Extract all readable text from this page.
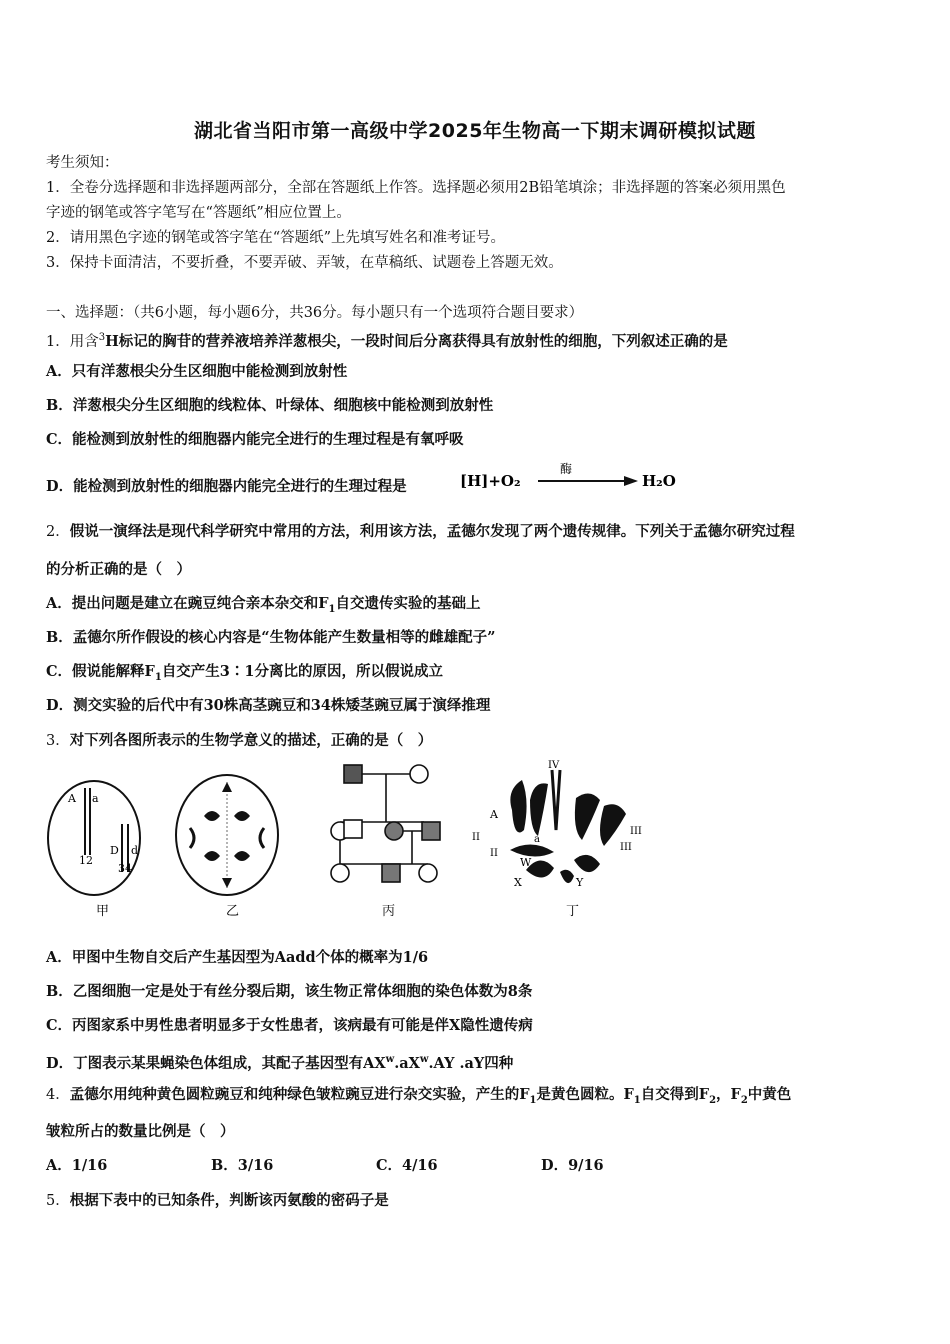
湖北省当阳市第一高级中学2025年生物高一下期末调研模拟试题
考生须知：
1．全卷分选择题和非选择题两部分，全部在答题纸上作答。选择题必须用2B铅笔填涂；非选择题的答案必须用黑色
字迹的钢笔或答字笔写在“答题纸”相应位置上。
2．请用黑色字迹的钢笔或答字笔在“答题纸”上先填写姓名和准考证号。
3．保持卡面清洁，不要折叠，不要弄破、弄皱，在草稿纸、试题卷上答题无效。
一、选择题：（共6小题，每小题6分，共36分。每小题只有一个选项符合题目要求）
1．用含$^3$H标记的胸苷的营养液培养洋葱根尖，一段时间后分离获得具有放射性的细胞，下列叙述正确的是
A．只有洋葱根尖分生区细胞中能检测到放射性
B．洋葱根尖分生区细胞的线粒体、叶绿体、细胞核中能检测到放射性
C．能检测到放射性的细胞器内能完全进行的生理过程是有氧呼吸
D．能检测到放射性的细胞器内能完全进行的生理过程是	[H]+O₂
酶
H₂O
2．假说一演绎法是现代科学研究中常用的方法，利用该方法，孟德尔发现了两个遗传规律。下列关于孟德尔研究过程
的分析正确的是（　）
A．提出问题是建立在豌豆纯合亲本杂交和$F_1$自交遗传实验的基础上
B．孟德尔所作假设的核心内容是“生物体能产生数量相等的雌雄配子”
C．假说能解释$F_1$自交产生3∶1分离比的原因，所以假说成立
D．测交实验的后代中有30株高茎豌豆和34株矮茎豌豆属于演绎推理
3．对下列各图所表示的生物学意义的描述，正确的是（　）
A a
D d
12
34
甲	乙	丙
IV
A
a
II
II
III
III
W
X	Y
丁
A．甲图中生物自交后产生基因型为Aadd个体的概率为1/6
B．乙图细胞一定是处于有丝分裂后期，该生物正常体细胞的染色体数为8条
C．丙图家系中男性患者明显多于女性患者，该病最有可能是伴X隐性遗传病
D．丁图表示某果蝇染色体组成，其配子基因型有$AX^w.aX^w.AY$ .aY四种
4．孟德尔用纯种黄色圆粒豌豆和纯种绿色皱粒豌豆进行杂交实验，产生的$F_1$是黄色圆粒。$F_1$自交得到$F_2$，$F_2$中黄色
皱粒所占的数量比例是（　）
A．1/16	B．3/16	C．4/16	D．9/16
5．根据下表中的已知条件，判断该丙氨酸的密码子是
